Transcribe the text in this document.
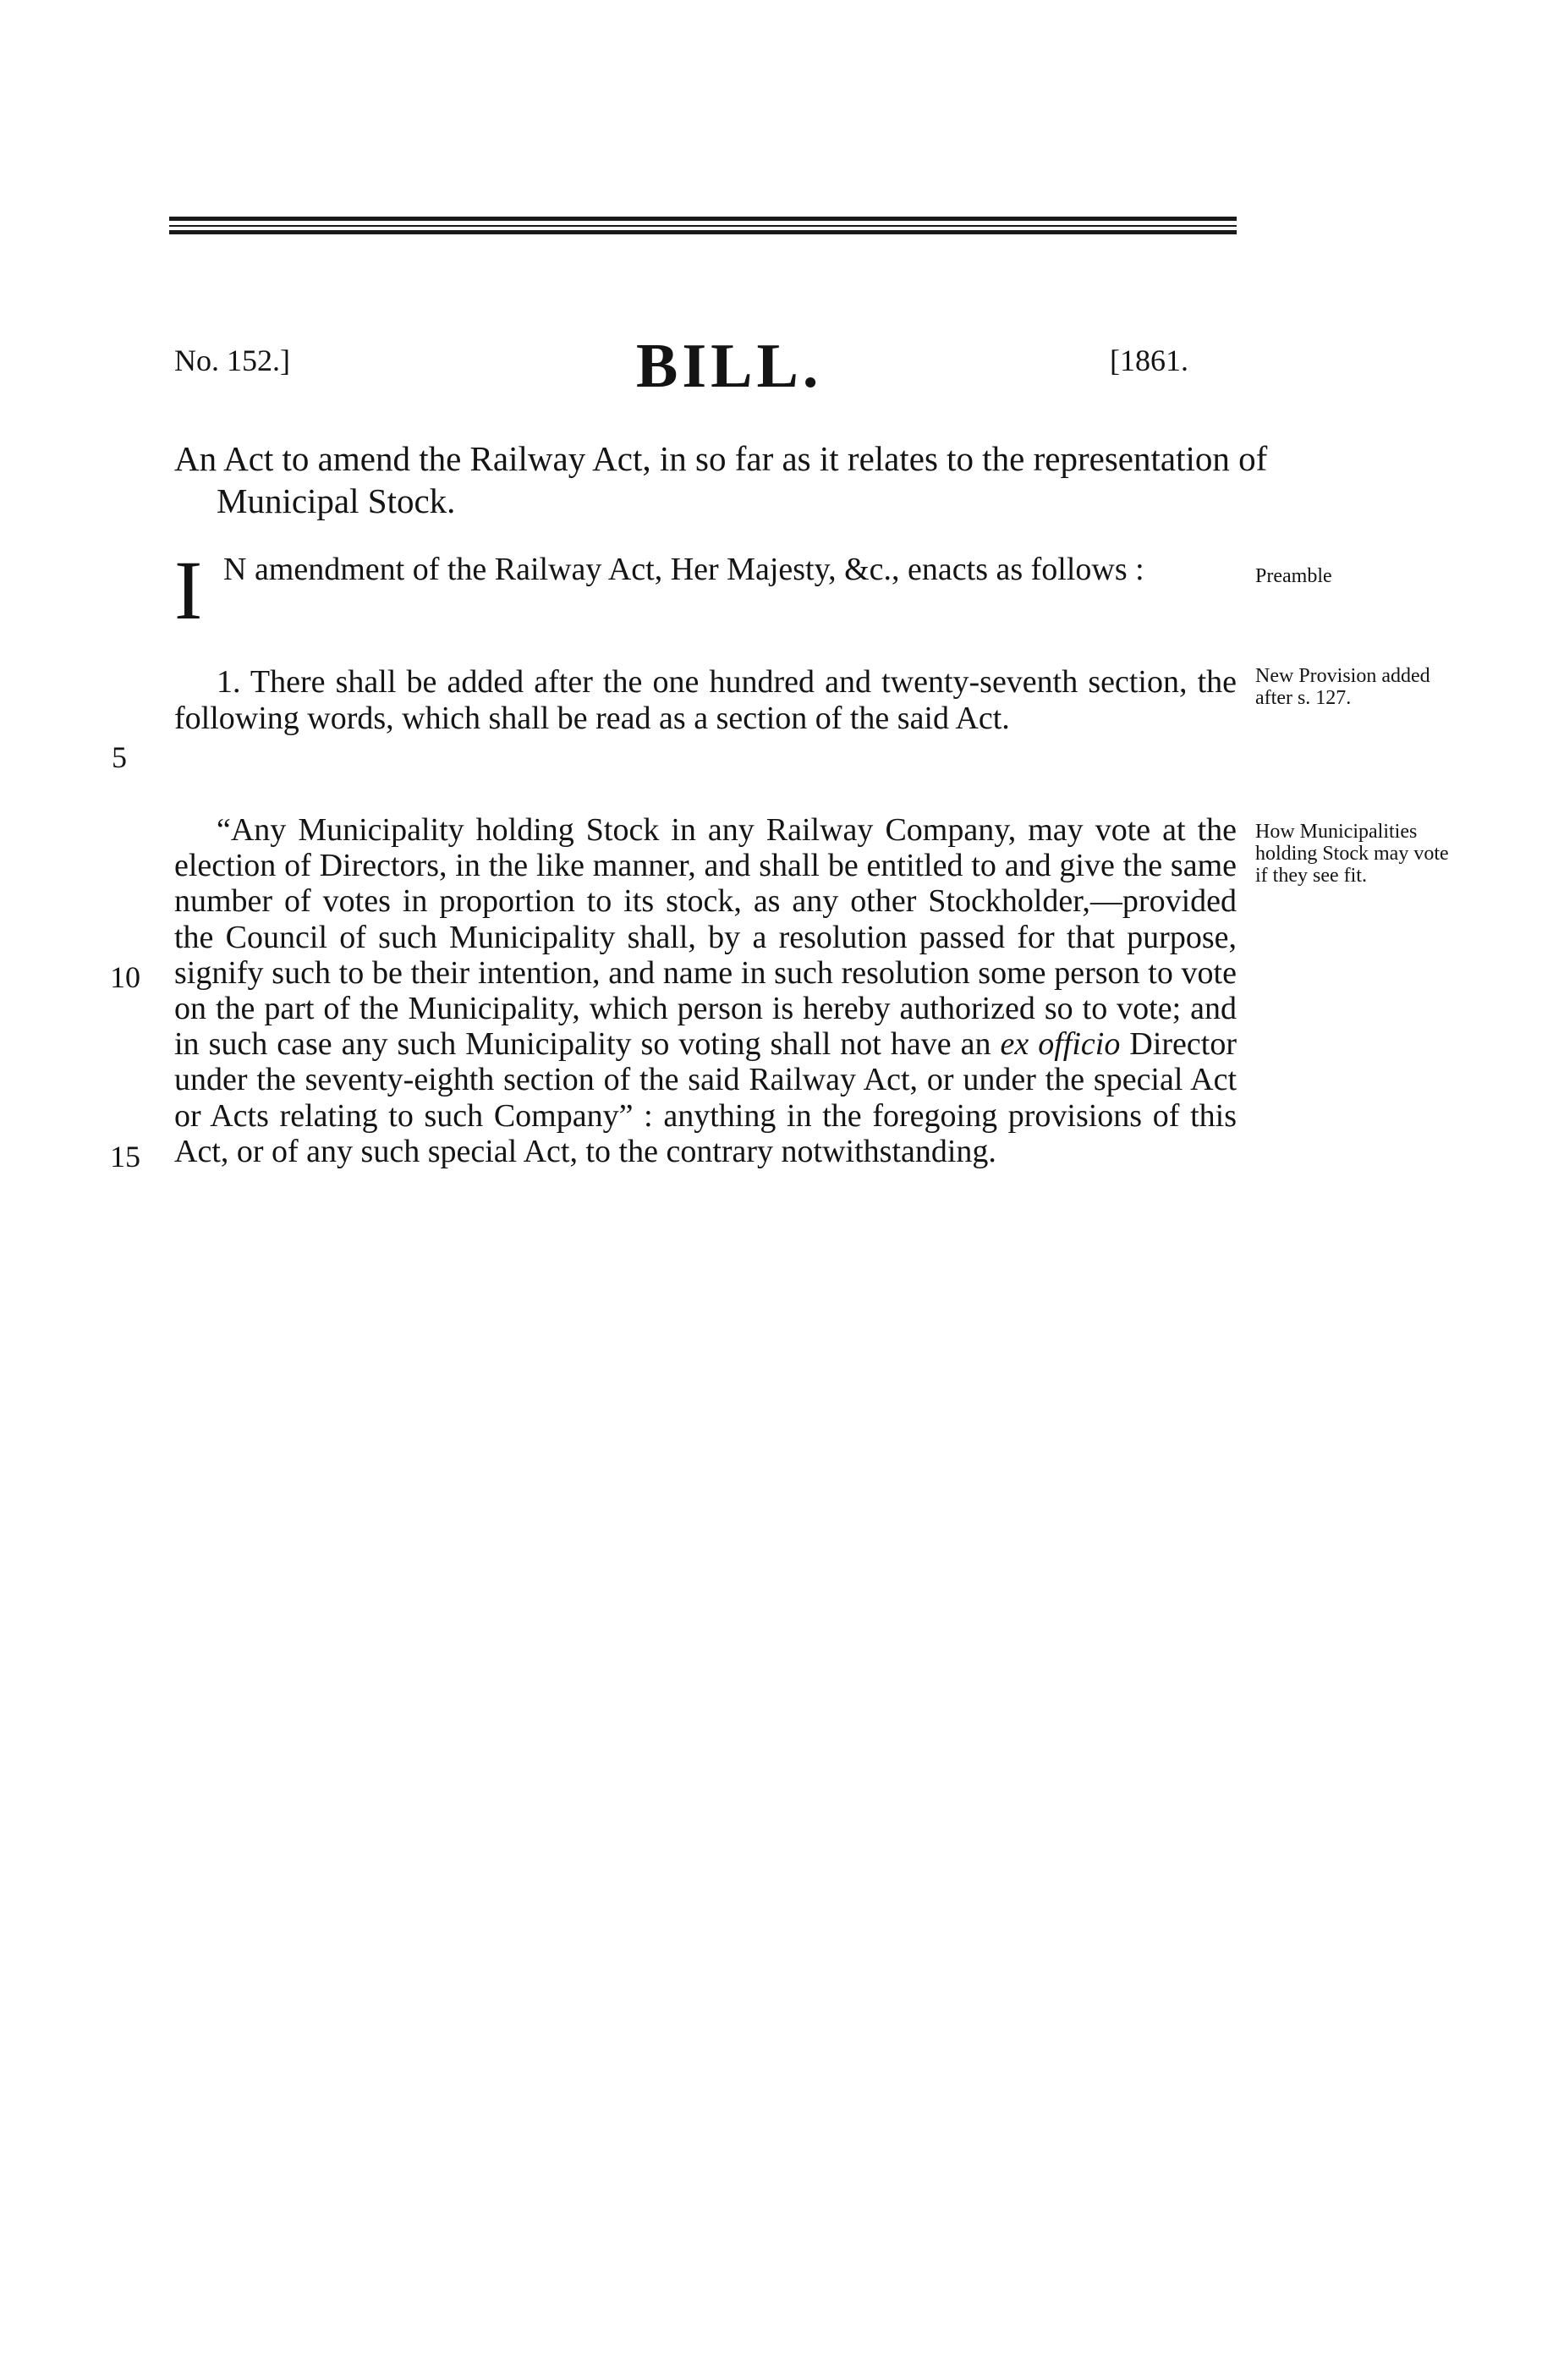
No. 152.]	BILL.	[1861.

An Act to amend the Railway Act, in so far as it relates to the representation of Municipal Stock.

I N amendment of the Railway Act, Her Majesty, &c., enacts as follows :

1. There shall be added after the one hundred and twenty-seventh section, the following words, which shall be read as a section of the said Act.

“Any Municipality holding Stock in any Railway Company, may vote at the election of Directors, in the like manner, and shall be entitled to and give the same number of votes in proportion to its stock, as any other Stockholder,—provided the Council of such Municipality shall, by a resolution passed for that purpose, signify such to be their intention, and name in such resolution some person to vote on the part of the Municipality, which person is hereby authorized so to vote; and in such case any such Municipality so voting shall not have an ex officio Director under the seventy-eighth section of the said Railway Act, or under the special Act or Acts relating to such Company” : anything in the foregoing provisions of this Act, or of any such special Act, to the contrary notwithstanding.

Preamble

New Provision added after s. 127.

How Municipalities holding Stock may vote if they see fit.

5
10
15
